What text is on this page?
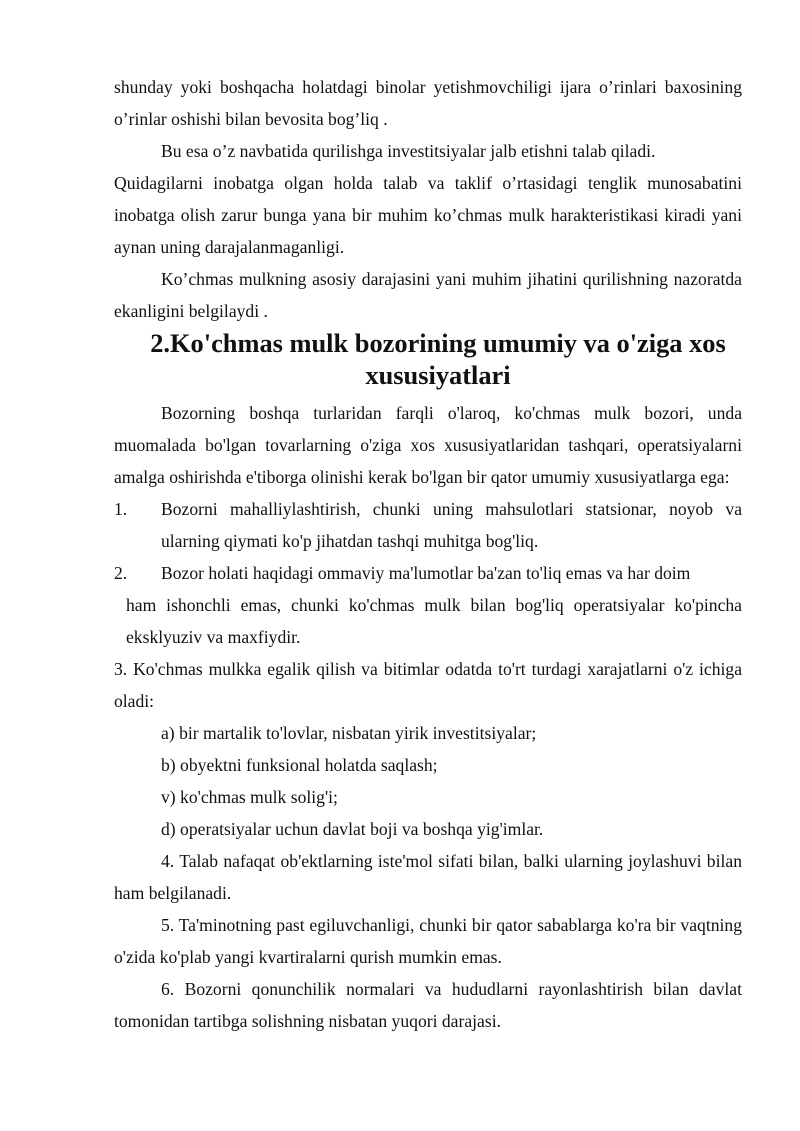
shunday yoki boshqacha holatdagi binolar yetishmovchiligi ijara o’rinlari baxosining o’rinlar oshishi bilan bevosita bog’liq .

Bu esa o’z navbatida qurilishga investitsiyalar jalb etishni talab qiladi.

Quidagilarni inobatga olgan holda talab va taklif o’rtasidagi tenglik munosabatini inobatga olish zarur bunga yana bir muhim ko’chmas mulk harakteristikasi kiradi yani aynan uning darajalanmaganligi.

Ko’chmas mulkning asosiy darajasini yani muhim jihatini qurilishning nazoratda ekanligini belgilaydi .

2.Ko'chmas mulk bozorining umumiy va o'ziga xos xususiyatlari

Bozorning boshqa turlaridan farqli o'laroq, ko'chmas mulk bozori, unda muomalada bo'lgan tovarlarning o'ziga xos xususiyatlaridan tashqari, operatsiyalarni amalga oshirishda e'tiborga olinishi kerak bo'lgan bir qator umumiy xususiyatlarga ega:

1.	Bozorni mahalliylashtirish, chunki uning mahsulotlari statsionar, noyob va ularning qiymati ko'p jihatdan tashqi muhitga bog'liq.
2.	Bozor holati haqidagi ommaviy ma'lumotlar ba'zan to'liq emas va har doim

ham ishonchli emas, chunki ko'chmas mulk bilan bog'liq operatsiyalar ko'pincha eksklyuziv va maxfiydir.

3. Ko'chmas mulkka egalik qilish va bitimlar odatda to'rt turdagi xarajatlarni o'z ichiga oladi:

a) bir martalik to'lovlar, nisbatan yirik investitsiyalar;

b) obyektni funksional holatda saqlash;

v) ko'chmas mulk solig'i;

d) operatsiyalar uchun davlat boji va boshqa yig'imlar.

4. Talab nafaqat ob'ektlarning iste'mol sifati bilan, balki ularning joylashuvi bilan ham belgilanadi.

5. Ta'minotning past egiluvchanligi, chunki bir qator sabablarga ko'ra bir vaqtning o'zida ko'plab yangi kvartiralarni qurish mumkin emas.

6. Bozorni qonunchilik normalari va hududlarni rayonlashtirish bilan davlat tomonidan tartibga solishning nisbatan yuqori darajasi.
